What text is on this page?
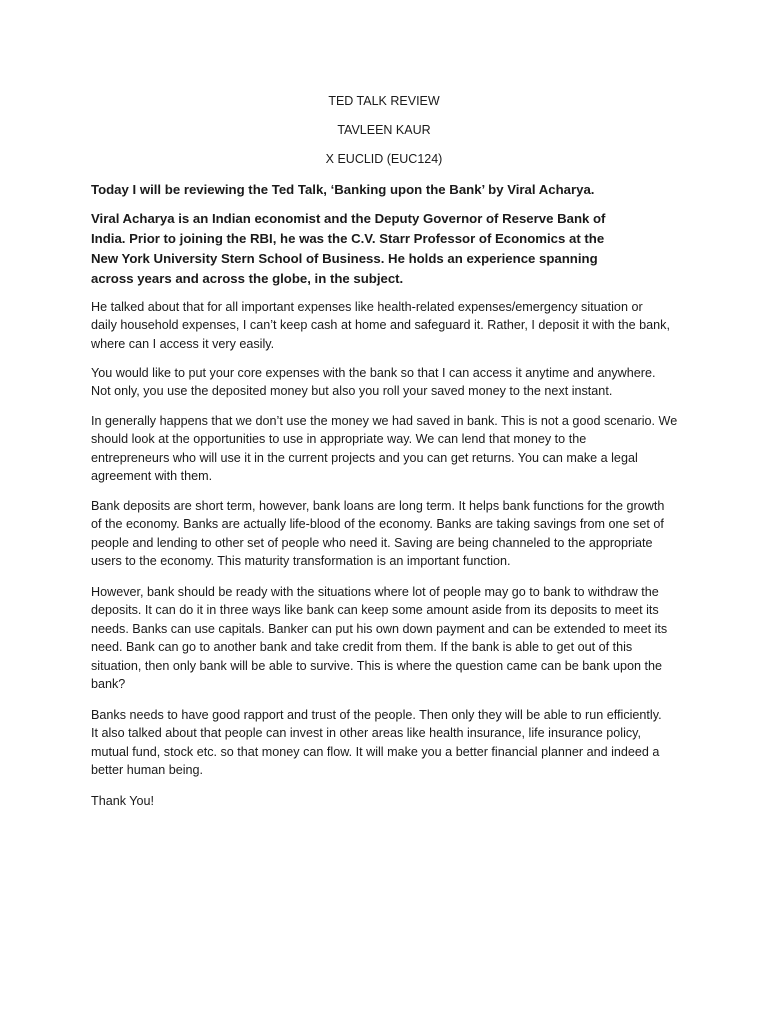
TED TALK REVIEW

TAVLEEN KAUR

X EUCLID (EUC124)

Today I will be reviewing the Ted Talk, ‘Banking upon the Bank’ by Viral Acharya.

Viral Acharya is an Indian economist and the Deputy Governor of Reserve Bank of
India. Prior to joining the RBI, he was the C.V. Starr Professor of Economics at the
New York University Stern School of Business. He holds an experience spanning
across years and across the globe, in the subject.

He talked about that for all important expenses like health-related expenses/emergency situation or
daily household expenses, I can’t keep cash at home and safeguard it. Rather, I deposit it with the bank,
where can I access it very easily.

You would like to put your core expenses with the bank so that I can access it anytime and anywhere.
Not only, you use the deposited money but also you roll your saved money to the next instant.

In generally happens that we don’t use the money we had saved in bank. This is not a good scenario. We
should look at the opportunities to use in appropriate way. We can lend that money to the
entrepreneurs who will use it in the current projects and you can get returns. You can make a legal
agreement with them.

Bank deposits are short term, however, bank loans are long term. It helps bank functions for the growth
of the economy. Banks are actually life-blood of the economy. Banks are taking savings from one set of
people and lending to other set of people who need it. Saving are being channeled to the appropriate
users to the economy. This maturity transformation is an important function.

However, bank should be ready with the situations where lot of people may go to bank to withdraw the
deposits. It can do it in three ways like bank can keep some amount aside from its deposits to meet its
needs. Banks can use capitals. Banker can put his own down payment and can be extended to meet its
need. Bank can go to another bank and take credit from them. If the bank is able to get out of this
situation, then only bank will be able to survive. This is where the question came can be bank upon the
bank?

Banks needs to have good rapport and trust of the people. Then only they will be able to run efficiently.
It also talked about that people can invest in other areas like health insurance, life insurance policy,
mutual fund, stock etc. so that money can flow. It will make you a better financial planner and indeed a
better human being.

Thank You!
